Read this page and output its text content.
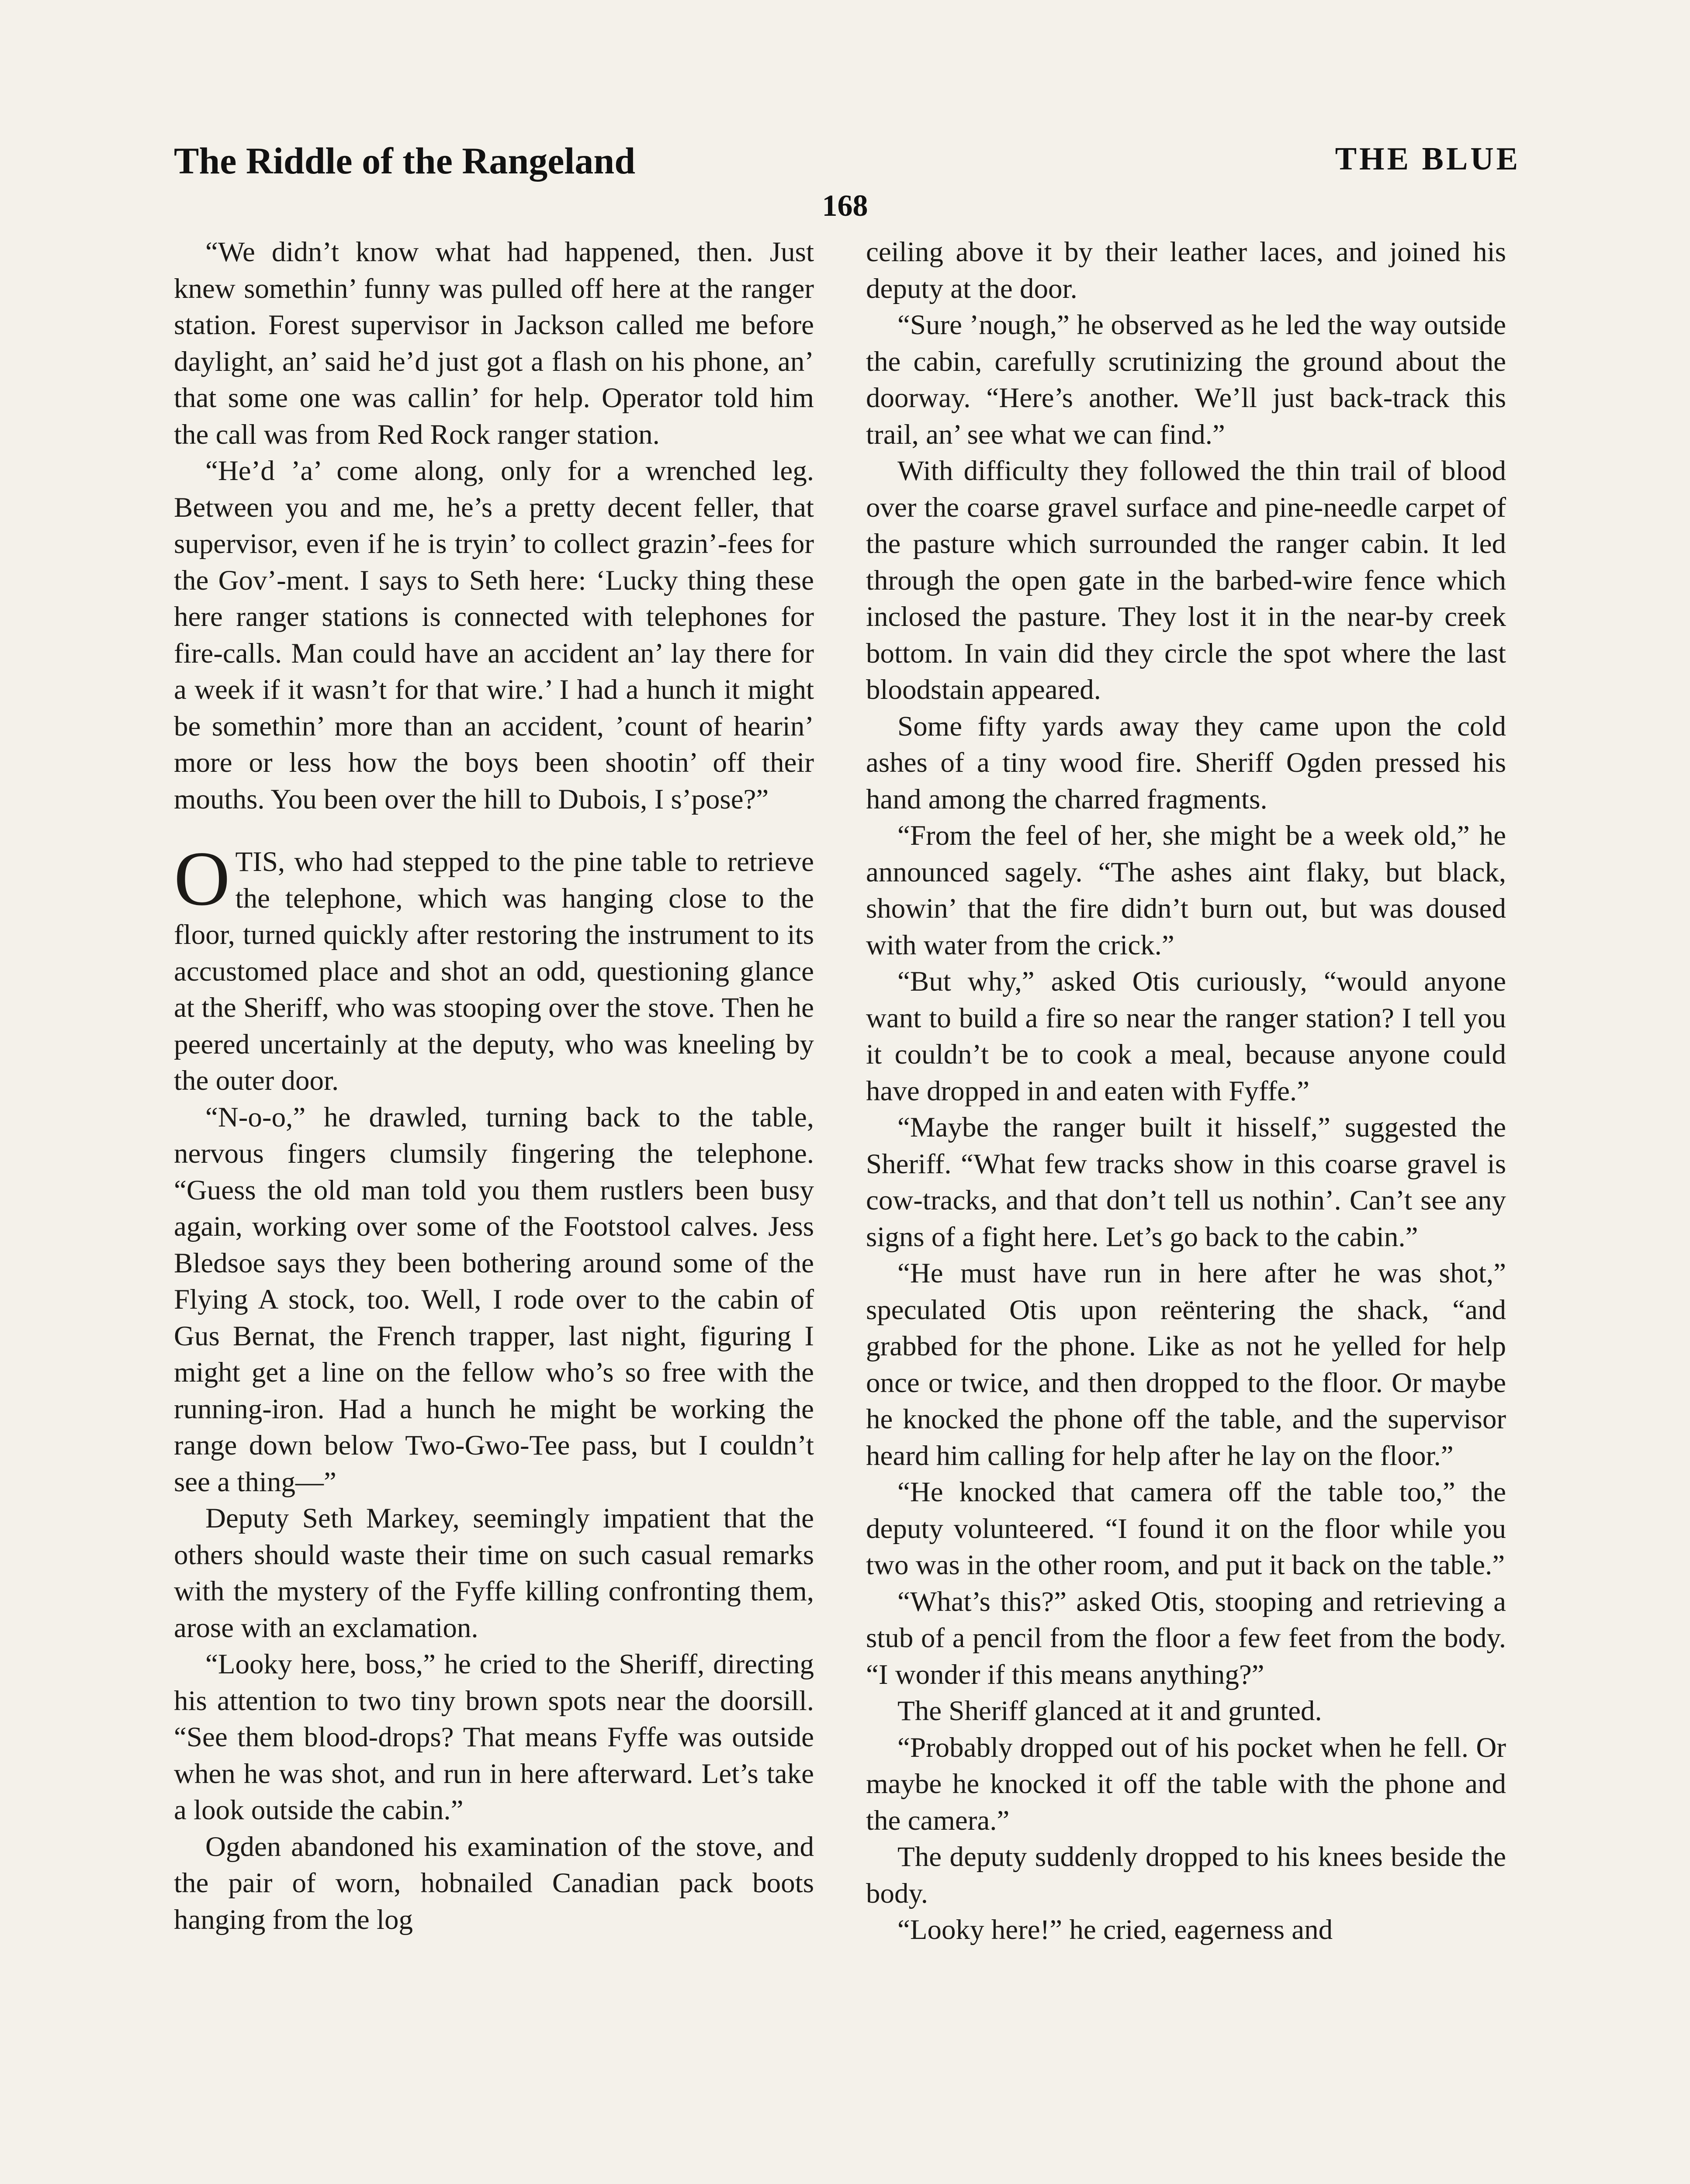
The Riddle of the Rangeland	THE BLUE
168

“We didn’t know what had happened, then. Just knew somethin’ funny was pulled off here at the ranger station. Forest supervisor in Jackson called me before daylight, an’ said he’d just got a flash on his phone, an’ that some one was callin’ for help. Operator told him the call was from Red Rock ranger station.

“He’d ’a’ come along, only for a wrenched leg. Between you and me, he’s a pretty decent feller, that supervisor, even if he is tryin’ to collect grazin’-fees for the Gov’-ment. I says to Seth here: ‘Lucky thing these here ranger stations is connected with telephones for fire-calls. Man could have an accident an’ lay there for a week if it wasn’t for that wire.’ I had a hunch it might be somethin’ more than an accident, ’count of hearin’ more or less how the boys been shootin’ off their mouths. You been over the hill to Dubois, I s’pose?”

OTIS, who had stepped to the pine table to retrieve the telephone, which was hanging close to the floor, turned quickly after restoring the instrument to its accustomed place and shot an odd, questioning glance at the Sheriff, who was stooping over the stove. Then he peered uncertainly at the deputy, who was kneeling by the outer door.

“N-o-o,” he drawled, turning back to the table, nervous fingers clumsily fingering the telephone. “Guess the old man told you them rustlers been busy again, working over some of the Footstool calves. Jess Bledsoe says they been bothering around some of the Flying A stock, too. Well, I rode over to the cabin of Gus Bernat, the French trapper, last night, figuring I might get a line on the fellow who’s so free with the running-iron. Had a hunch he might be working the range down below Two-Gwo-Tee pass, but I couldn’t see a thing—”

Deputy Seth Markey, seemingly impatient that the others should waste their time on such casual remarks with the mystery of the Fyffe killing confronting them, arose with an exclamation.

“Looky here, boss,” he cried to the Sheriff, directing his attention to two tiny brown spots near the doorsill. “See them blood-drops? That means Fyffe was outside when he was shot, and run in here afterward. Let’s take a look outside the cabin.”

Ogden abandoned his examination of the stove, and the pair of worn, hobnailed Canadian pack boots hanging from the log

ceiling above it by their leather laces, and joined his deputy at the door.

“Sure ’nough,” he observed as he led the way outside the cabin, carefully scrutinizing the ground about the doorway. “Here’s another. We’ll just back-track this trail, an’ see what we can find.”

With difficulty they followed the thin trail of blood over the coarse gravel surface and pine-needle carpet of the pasture which surrounded the ranger cabin. It led through the open gate in the barbed-wire fence which inclosed the pasture. They lost it in the near-by creek bottom. In vain did they circle the spot where the last bloodstain appeared.

Some fifty yards away they came upon the cold ashes of a tiny wood fire. Sheriff Ogden pressed his hand among the charred fragments.

“From the feel of her, she might be a week old,” he announced sagely. “The ashes aint flaky, but black, showin’ that the fire didn’t burn out, but was doused with water from the crick.”

“But why,” asked Otis curiously, “would anyone want to build a fire so near the ranger station? I tell you it couldn’t be to cook a meal, because anyone could have dropped in and eaten with Fyffe.”

“Maybe the ranger built it hisself,” suggested the Sheriff. “What few tracks show in this coarse gravel is cow-tracks, and that don’t tell us nothin’. Can’t see any signs of a fight here. Let’s go back to the cabin.”

“He must have run in here after he was shot,” speculated Otis upon reëntering the shack, “and grabbed for the phone. Like as not he yelled for help once or twice, and then dropped to the floor. Or maybe he knocked the phone off the table, and the supervisor heard him calling for help after he lay on the floor.”

“He knocked that camera off the table too,” the deputy volunteered. “I found it on the floor while you two was in the other room, and put it back on the table.”

“What’s this?” asked Otis, stooping and retrieving a stub of a pencil from the floor a few feet from the body. “I wonder if this means anything?”

The Sheriff glanced at it and grunted.

“Probably dropped out of his pocket when he fell. Or maybe he knocked it off the table with the phone and the camera.”

The deputy suddenly dropped to his knees beside the body.

“Looky here!” he cried, eagerness and
